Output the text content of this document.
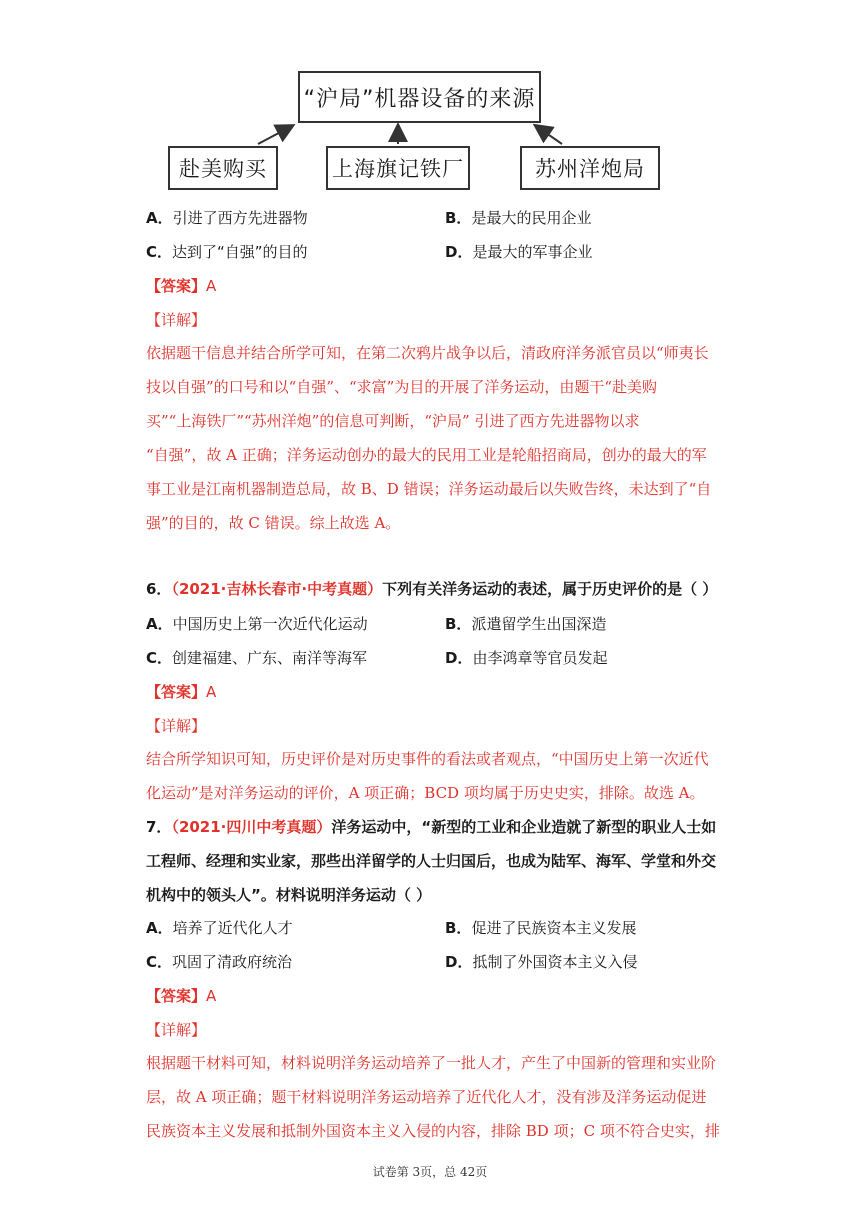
“沪局”机器设备的来源
赴美购买	上海旗记铁厂	苏州洋炮局
A．引进了西方先进器物	B．是最大的民用企业
C．达到了“自强”的目的	D．是最大的军事企业
【答案】A
【详解】
依据题干信息并结合所学可知，在第二次鸦片战争以后，清政府洋务派官员以“师夷长
技以自强”的口号和以“自强”、“求富”为目的开展了洋务运动，由题干“赴美购
买”“上海铁厂”“苏州洋炮”的信息可判断，“沪局” 引进了西方先进器物以求
“自强”，故 A 正确；洋务运动创办的最大的民用工业是轮船招商局，创办的最大的军
事工业是江南机器制造总局，故 B、D 错误；洋务运动最后以失败告终，未达到了“自
强”的目的，故 C 错误。综上故选 A。
6．（2021·吉林长春市·中考真题）下列有关洋务运动的表述，属于历史评价的是（ ）
A．中国历史上第一次近代化运动	B．派遣留学生出国深造
C．创建福建、广东、南洋等海军	D．由李鸿章等官员发起
【答案】A
【详解】
结合所学知识可知，历史评价是对历史事件的看法或者观点，“中国历史上第一次近代
化运动”是对洋务运动的评价，A 项正确；BCD 项均属于历史史实，排除。故选 A。
7．（2021·四川中考真题）洋务运动中，“新型的工业和企业造就了新型的职业人士如
工程师、经理和实业家，那些出洋留学的人士归国后，也成为陆军、海军、学堂和外交
机构中的领头人”。材料说明洋务运动（ ）
A．培养了近代化人才	B．促进了民族资本主义发展
C．巩固了清政府统治	D．抵制了外国资本主义入侵
【答案】A
【详解】
根据题干材料可知，材料说明洋务运动培养了一批人才，产生了中国新的管理和实业阶
层，故 A 项正确；题干材料说明洋务运动培养了近代化人才，没有涉及洋务运动促进
民族资本主义发展和抵制外国资本主义入侵的内容，排除 BD 项；C 项不符合史实，排
试卷第 3页，总 42页
